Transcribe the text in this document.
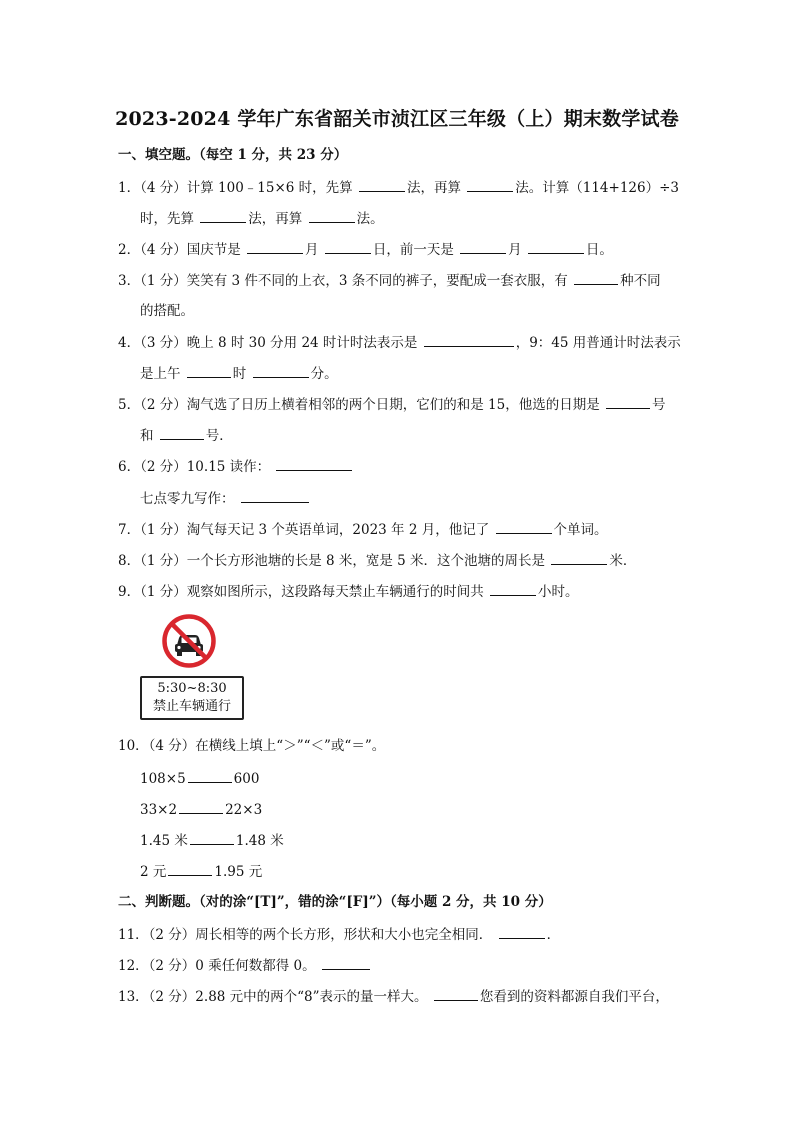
2023-2024 学年广东省韶关市浈江区三年级（上）期末数学试卷
一、填空题。（每空 1 分，共 23 分）
1．（4 分）计算 100﹣15×6 时，先算	法，再算	法。计算（114+126）÷3
时，先算	法，再算	法。
2．（4 分）国庆节是	月	日，前一天是	月	日。
3．（1 分）笑笑有 3 件不同的上衣，3 条不同的裤子，要配成一套衣服，有	种不同
的搭配。
4．（3 分）晚上 8 时 30 分用 24 时计时法表示是	，9：45 用普通计时法表示
是上午	时	分。
5．（2 分）淘气选了日历上横着相邻的两个日期，它们的和是 15，他选的日期是	号
和	号．
6．（2 分）10.15 读作：
七点零九写作：
7．（1 分）淘气每天记 3 个英语单词，2023 年 2 月，他记了	个单词。
8．（1 分）一个长方形池塘的长是 8 米，宽是 5 米．这个池塘的周长是	米．
9．（1 分）观察如图所示，这段路每天禁止车辆通行的时间共	小时。
5:30~8:30
禁止车辆通行
10．（4 分）在横线上填上“＞”“＜”或“＝”。
108×5	600
33×2	22×3
1.45 米	1.48 米
2 元	1.95 元
二、判断题。（对的涂“[T]”，错的涂“[F]”）（每小题 2 分，共 10 分）
11．（2 分）周长相等的两个长方形，形状和大小也完全相同．	．
12．（2 分）0 乘任何数都得 0。
13．（2 分）2.88 元中的两个“8”表示的量一样大。	您看到的资料都源自我们平台，
